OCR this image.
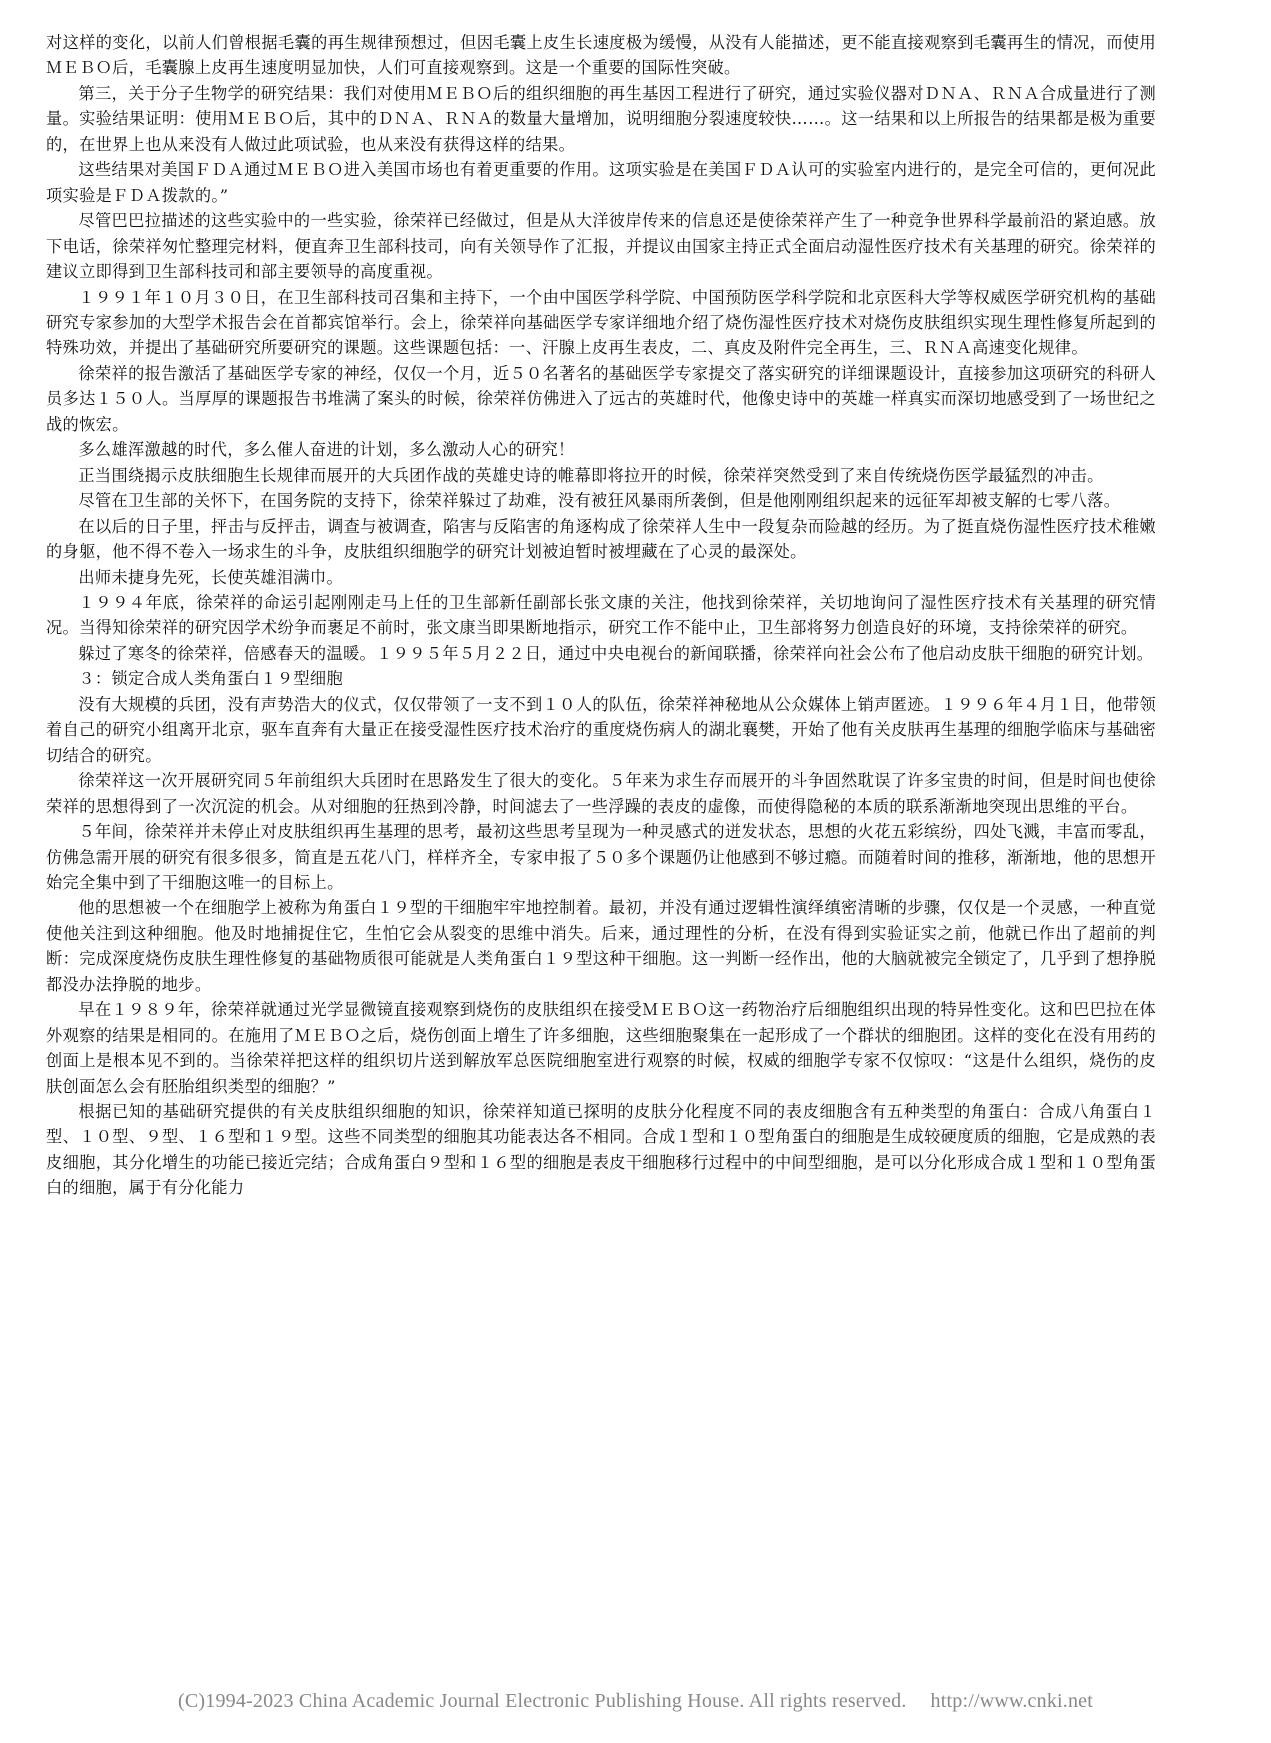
对这样的变化，以前人们曾根据毛囊的再生规律预想过，但因毛囊上皮生长速度极为缓慢，从没有人能描述，更不能直接观察到毛囊再生的情况，而使用ＭＥＢＯ后，毛囊腺上皮再生速度明显加快，人们可直接观察到。这是一个重要的国际性突破。

第三，关于分子生物学的研究结果：我们对使用ＭＥＢＯ后的组织细胞的再生基因工程进行了研究，通过实验仪器对ＤＮＡ、ＲＮＡ合成量进行了测量。实验结果证明：使用ＭＥＢＯ后，其中的ＤＮＡ、ＲＮＡ的数量大量增加，说明细胞分裂速度较快……。这一结果和以上所报告的结果都是极为重要的，在世界上也从来没有人做过此项试验，也从来没有获得这样的结果。

这些结果对美国ＦＤＡ通过ＭＥＢＯ进入美国市场也有着更重要的作用。这项实验是在美国ＦＤＡ认可的实验室内进行的，是完全可信的，更何况此项实验是ＦＤＡ拨款的。”

尽管巴巴拉描述的这些实验中的一些实验，徐荣祥已经做过，但是从大洋彼岸传来的信息还是使徐荣祥产生了一种竞争世界科学最前沿的紧迫感。放下电话，徐荣祥匆忙整理完材料，便直奔卫生部科技司，向有关领导作了汇报，并提议由国家主持正式全面启动湿性医疗技术有关基理的研究。徐荣祥的建议立即得到卫生部科技司和部主要领导的高度重视。

１９９１年１０月３０日，在卫生部科技司召集和主持下，一个由中国医学科学院、中国预防医学科学院和北京医科大学等权威医学研究机构的基础研究专家参加的大型学术报告会在首都宾馆举行。会上，徐荣祥向基础医学专家详细地介绍了烧伤湿性医疗技术对烧伤皮肤组织实现生理性修复所起到的特殊功效，并提出了基础研究所要研究的课题。这些课题包括：一、汗腺上皮再生表皮，二、真皮及附件完全再生，三、ＲＮＡ高速变化规律。

徐荣祥的报告激活了基础医学专家的神经，仅仅一个月，近５０名著名的基础医学专家提交了落实研究的详细课题设计，直接参加这项研究的科研人员多达１５０人。当厚厚的课题报告书堆满了案头的时候，徐荣祥仿佛进入了远古的英雄时代，他像史诗中的英雄一样真实而深切地感受到了一场世纪之战的恢宏。

多么雄浑激越的时代，多么催人奋进的计划，多么激动人心的研究！

正当围绕揭示皮肤细胞生长规律而展开的大兵团作战的英雄史诗的帷幕即将拉开的时候，徐荣祥突然受到了来自传统烧伤医学最猛烈的冲击。

尽管在卫生部的关怀下，在国务院的支持下，徐荣祥躲过了劫难，没有被狂风暴雨所袭倒，但是他刚刚组织起来的远征军却被支解的七零八落。

在以后的日子里，抨击与反抨击，调查与被调查，陷害与反陷害的角逐构成了徐荣祥人生中一段复杂而险越的经历。为了挺直烧伤湿性医疗技术稚嫩的身躯，他不得不卷入一场求生的斗争，皮肤组织细胞学的研究计划被迫暂时被埋藏在了心灵的最深处。

出师未捷身先死，长使英雄泪满巾。

１９９４年底，徐荣祥的命运引起刚刚走马上任的卫生部新任副部长张文康的关注，他找到徐荣祥，关切地询问了湿性医疗技术有关基理的研究情况。当得知徐荣祥的研究因学术纷争而裹足不前时，张文康当即果断地指示，研究工作不能中止，卫生部将努力创造良好的环境，支持徐荣祥的研究。

躲过了寒冬的徐荣祥，倍感春天的温暖。１９９５年５月２２日，通过中央电视台的新闻联播，徐荣祥向社会公布了他启动皮肤干细胞的研究计划。

３：锁定合成人类角蛋白１９型细胞

没有大规模的兵团，没有声势浩大的仪式，仅仅带领了一支不到１０人的队伍，徐荣祥神秘地从公众媒体上销声匿迹。１９９６年４月１日，他带领着自己的研究小组离开北京，驱车直奔有大量正在接受湿性医疗技术治疗的重度烧伤病人的湖北襄樊，开始了他有关皮肤再生基理的细胞学临床与基础密切结合的研究。

徐荣祥这一次开展研究同５年前组织大兵团时在思路发生了很大的变化。５年来为求生存而展开的斗争固然耽误了许多宝贵的时间，但是时间也使徐荣祥的思想得到了一次沉淀的机会。从对细胞的狂热到冷静，时间滤去了一些浮躁的表皮的虚像，而使得隐秘的本质的联系渐渐地突现出思维的平台。

５年间，徐荣祥并未停止对皮肤组织再生基理的思考，最初这些思考呈现为一种灵感式的迸发状态，思想的火花五彩缤纷，四处飞溅，丰富而零乱，仿佛急需开展的研究有很多很多，简直是五花八门，样样齐全，专家申报了５０多个课题仍让他感到不够过瘾。而随着时间的推移，渐渐地，他的思想开始完全集中到了干细胞这唯一的目标上。

他的思想被一个在细胞学上被称为角蛋白１９型的干细胞牢牢地控制着。最初，并没有通过逻辑性演绎缜密清晰的步骤，仅仅是一个灵感，一种直觉使他关注到这种细胞。他及时地捕捉住它，生怕它会从裂变的思维中消失。后来，通过理性的分析，在没有得到实验证实之前，他就已作出了超前的判断：完成深度烧伤皮肤生理性修复的基础物质很可能就是人类角蛋白１９型这种干细胞。这一判断一经作出，他的大脑就被完全锁定了，几乎到了想挣脱都没办法挣脱的地步。

早在１９８９年，徐荣祥就通过光学显微镜直接观察到烧伤的皮肤组织在接受ＭＥＢＯ这一药物治疗后细胞组织出现的特异性变化。这和巴巴拉在体外观察的结果是相同的。在施用了ＭＥＢＯ之后，烧伤创面上增生了许多细胞，这些细胞聚集在一起形成了一个群状的细胞团。这样的变化在没有用药的创面上是根本见不到的。当徐荣祥把这样的组织切片送到解放军总医院细胞室进行观察的时候，权威的细胞学专家不仅惊叹：“这是什么组织，烧伤的皮肤创面怎么会有胚胎组织类型的细胞？”

根据已知的基础研究提供的有关皮肤组织细胞的知识，徐荣祥知道已探明的皮肤分化程度不同的表皮细胞含有五种类型的角蛋白：合成八角蛋白１型、１０型、９型、１６型和１９型。这些不同类型的细胞其功能表达各不相同。合成１型和１０型角蛋白的细胞是生成较硬度质的细胞，它是成熟的表皮细胞，其分化增生的功能已接近完结；合成角蛋白９型和１６型的细胞是表皮干细胞移行过程中的中间型细胞，是可以分化形成合成１型和１０型角蛋白的细胞，属于有分化能力

(C)1994-2023 China Academic Journal Electronic Publishing House. All rights reserved. http://www.cnki.net
